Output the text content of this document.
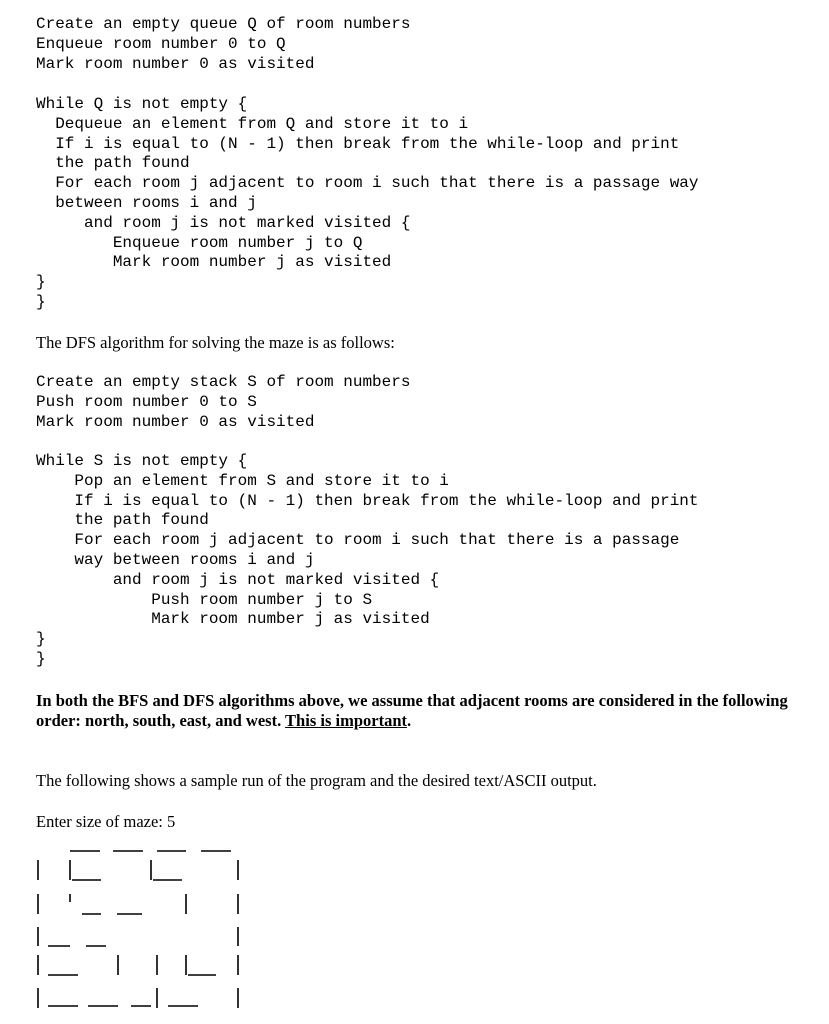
Create an empty queue Q of room numbers
Enqueue room number 0 to Q
Mark room number 0 as visited
While Q is not empty {
Dequeue an element from Q and store it to i
If i is equal to (N - 1) then break from the while-loop and print
the path found
For each room j adjacent to room i such that there is a passage way
between rooms i and j
and room j is not marked visited {
Enqueue room number j to Q
Mark room number j as visited
}
}

The DFS algorithm for solving the maze is as follows:

Create an empty stack S of room numbers
Push room number 0 to S
Mark room number 0 as visited
While S is not empty {
Pop an element from S and store it to i
If i is equal to (N - 1) then break from the while-loop and print
the path found
For each room j adjacent to room i such that there is a passage
way between rooms i and j
and room j is not marked visited {
Push room number j to S
Mark room number j as visited
}
}

In both the BFS and DFS algorithms above, we assume that adjacent rooms are considered in the following order: north, south, east, and west. This is important.

The following shows a sample run of the program and the desired text/ASCII output.

Enter size of maze: 5
